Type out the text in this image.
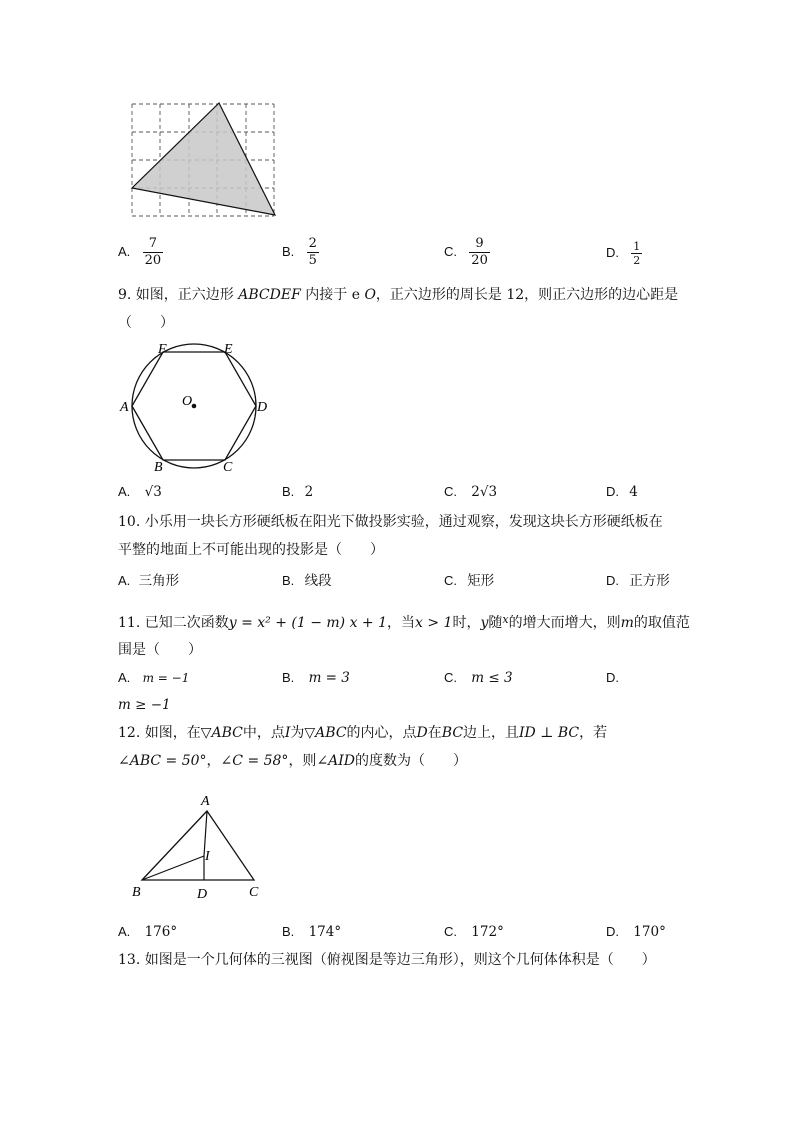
A. $\frac{7}{20}$	B. $\frac{2}{5}$	C. $\frac{9}{20}$	D. $\frac{1}{2}$
9. 如图，正六边形 ABCDEF 内接于 e O，正六边形的周长是 12，则正六边形的边心距是
（　　）
F	E
A	D
O
B	C
A. √3	B. 2	C. 2√3	D. 4
10. 小乐用一块长方形硬纸板在阳光下做投影实验，通过观察，发现这块长方形硬纸板在
平整的地面上不可能出现的投影是（　　）
A. 三角形	B. 线段	C. 矩形	D. 正方形
11. 已知二次函数y = x² + (1 − m) x + 1，当x > 1时，y随$^x$的增大而增大，则m的取值范
围是（　　）
A. m = −1	B. m = 3	C. m ≤ 3	D.
m ≥ −1
12. 如图，在▽ABC中，点I为▽ABC的内心，点D在BC边上，且ID ⊥ BC，若
∠ABC = 50°，∠C = 58°，则∠AID的度数为（　　）
A
I
B	D	C
A. 176°	B. 174°	C. 172°	D. 170°
13. 如图是一个几何体的三视图（俯视图是等边三角形），则这个几何体体积是（　　）
